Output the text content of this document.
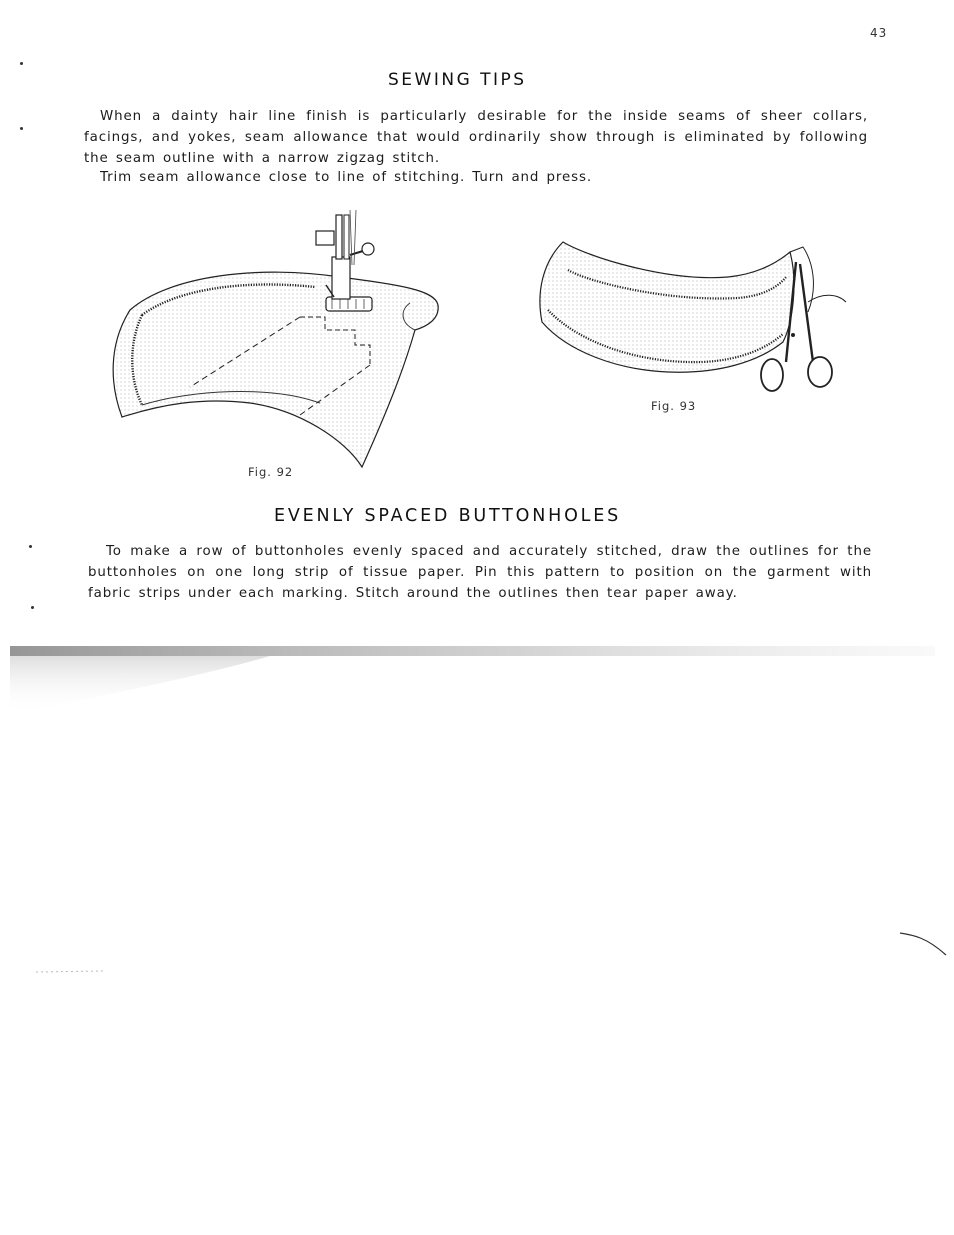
43
SEWING TIPS

When a dainty hair line finish is particularly desirable for the inside seams of sheer collars, facings, and yokes, seam allowance that would ordinarily show through is eliminated by following the seam outline with a narrow zigzag stitch.

Trim seam allowance close to line of stitching. Turn and press.

Fig. 92
Fig. 93
EVENLY SPACED BUTTONHOLES

To make a row of buttonholes evenly spaced and accurately stitched, draw the outlines for the buttonholes on one long strip of tissue paper. Pin this pattern to position on the garment with fabric strips under each marking. Stitch around the outlines then tear paper away.
